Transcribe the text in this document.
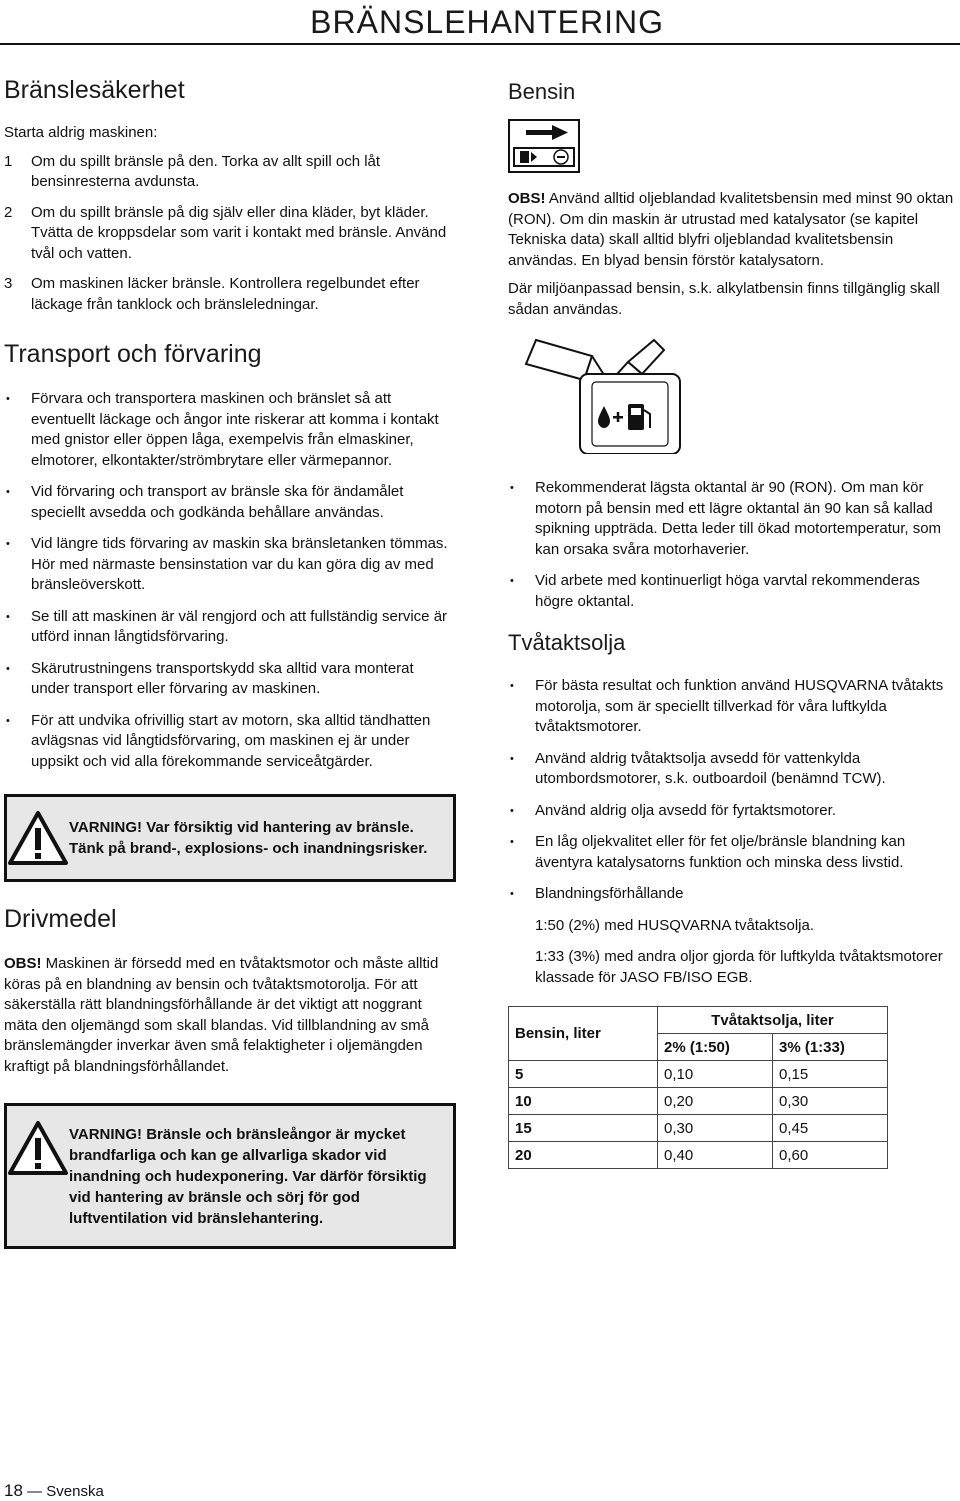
BRÄNSLEHANTERING
Bränslesäkerhet

Starta aldrig maskinen:

1 Om du spillt bränsle på den. Torka av allt spill och låt bensinresterna avdunsta.
2 Om du spillt bränsle på dig själv eller dina kläder, byt kläder. Tvätta de kroppsdelar som varit i kontakt med bränsle. Använd tvål och vatten.
3 Om maskinen läcker bränsle. Kontrollera regelbundet efter läckage från tanklock och bränsleledningar.
Transport och förvaring
• Förvara och transportera maskinen och bränslet så att eventuellt läckage och ångor inte riskerar att komma i kontakt med gnistor eller öppen låga, exempelvis från elmaskiner, elmotorer, elkontakter/strömbrytare eller värmepannor.
• Vid förvaring och transport av bränsle ska för ändamålet speciellt avsedda och godkända behållare användas.
• Vid längre tids förvaring av maskin ska bränsletanken tömmas. Hör med närmaste bensinstation var du kan göra dig av med bränsleöverskott.
• Se till att maskinen är väl rengjord och att fullständig service är utförd innan långtidsförvaring.
• Skärutrustningens transportskydd ska alltid vara monterat under transport eller förvaring av maskinen.
• För att undvika ofrivillig start av motorn, ska alltid tändhatten avlägsnas vid långtidsförvaring, om maskinen ej är under uppsikt och vid alla förekommande serviceåtgärder.
VARNING! Var försiktig vid hantering av bränsle. Tänk på brand-, explosions- och inandningsrisker.
Drivmedel

OBS! Maskinen är försedd med en tvåtaktsmotor och måste alltid köras på en blandning av bensin och tvåtaktsmotorolja. För att säkerställa rätt blandningsförhållande är det viktigt att noggrant mäta den oljemängd som skall blandas. Vid tillblandning av små bränslemängder inverkar även små felaktigheter i oljemängden kraftigt på blandningsförhållandet.

VARNING! Bränsle och bränsleångor är mycket brandfarliga och kan ge allvarliga skador vid inandning och hudexponering. Var därför försiktig vid hantering av bränsle och sörj för god luftventilation vid bränslehantering.
Bensin

OBS! Använd alltid oljeblandad kvalitetsbensin med minst 90 oktan (RON). Om din maskin är utrustad med katalysator (se kapitel Tekniska data) skall alltid blyfri oljeblandad kvalitetsbensin användas. En blyad bensin förstör katalysatorn.

Där miljöanpassad bensin, s.k. alkylatbensin finns tillgänglig skall sådan användas.

• Rekommenderat lägsta oktantal är 90 (RON). Om man kör motorn på bensin med ett lägre oktantal än 90 kan så kallad spikning uppträda. Detta leder till ökad motortemperatur, som kan orsaka svåra motorhaverier.
• Vid arbete med kontinuerligt höga varvtal rekommenderas högre oktantal.
Tvåtaktsolja
• För bästa resultat och funktion använd HUSQVARNA tvåtakts motorolja, som är speciellt tillverkad för våra luftkylda tvåtaktsmotorer.
• Använd aldrig tvåtaktsolja avsedd för vattenkylda utombordsmotorer, s.k. outboardoil (benämnd TCW).
• Använd aldrig olja avsedd för fyrtaktsmotorer.
• En låg oljekvalitet eller för fet olje/bränsle blandning kan äventyra katalysatorns funktion och minska dess livstid.
• Blandningsförhållande

1:50 (2%) med HUSQVARNA tvåtaktsolja.

1:33 (3%) med andra oljor gjorda för luftkylda tvåtaktsmotorer klassade för JASO FB/ISO EGB.

Bensin, liter	Tvåtaktsolja, liter	
	2% (1:50)	3% (1:33)
5	0,10	0,15
10	0,20	0,30
15	0,30	0,45
20	0,40	0,60
18 — Svenska
